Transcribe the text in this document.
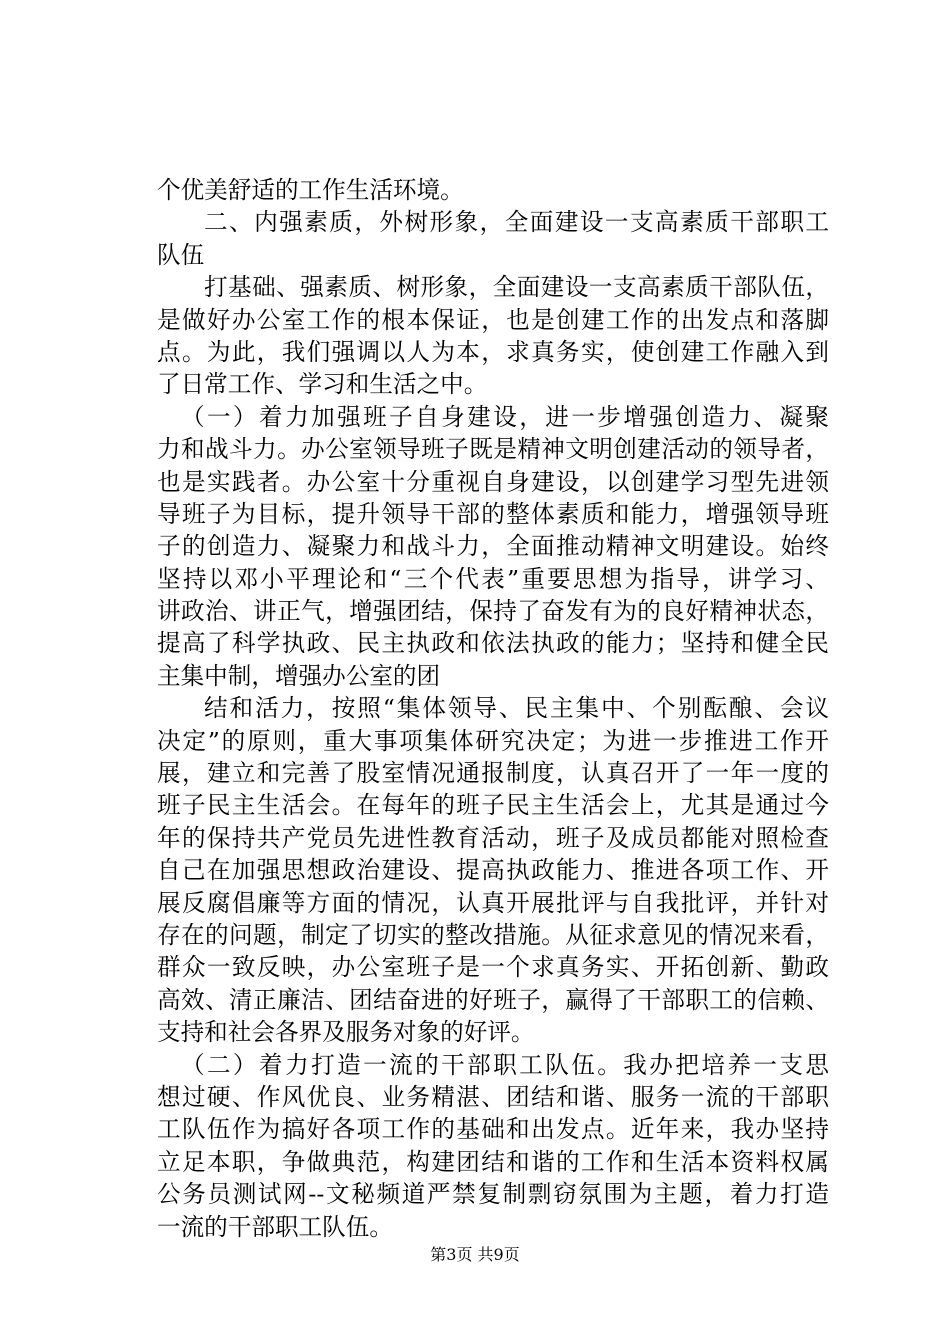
个优美舒适的工作生活环境。
二、内强素质，外树形象，全面建设一支高素质干部职工
队伍
打基础、强素质、树形象，全面建设一支高素质干部队伍，
是做好办公室工作的根本保证，也是创建工作的出发点和落脚
点。为此，我们强调以人为本，求真务实，使创建工作融入到
了日常工作、学习和生活之中。
（一）着力加强班子自身建设，进一步增强创造力、凝聚
力和战斗力。办公室领导班子既是精神文明创建活动的领导者，
也是实践者。办公室十分重视自身建设，以创建学习型先进领
导班子为目标，提升领导干部的整体素质和能力，增强领导班
子的创造力、凝聚力和战斗力，全面推动精神文明建设。始终
坚持以邓小平理论和“三个代表”重要思想为指导，讲学习、
讲政治、讲正气，增强团结，保持了奋发有为的良好精神状态，
提高了科学执政、民主执政和依法执政的能力；坚持和健全民
主集中制，增强办公室的团
结和活力，按照“集体领导、民主集中、个别酝酿、会议
决定”的原则，重大事项集体研究决定；为进一步推进工作开
展，建立和完善了股室情况通报制度，认真召开了一年一度的
班子民主生活会。在每年的班子民主生活会上，尤其是通过今
年的保持共产党员先进性教育活动，班子及成员都能对照检查
自己在加强思想政治建设、提高执政能力、推进各项工作、开
展反腐倡廉等方面的情况，认真开展批评与自我批评，并针对
存在的问题，制定了切实的整改措施。从征求意见的情况来看，
群众一致反映，办公室班子是一个求真务实、开拓创新、勤政
高效、清正廉洁、团结奋进的好班子，赢得了干部职工的信赖、
支持和社会各界及服务对象的好评。
（二）着力打造一流的干部职工队伍。我办把培养一支思
想过硬、作风优良、业务精湛、团结和谐、服务一流的干部职
工队伍作为搞好各项工作的基础和出发点。近年来，我办坚持
立足本职，争做典范，构建团结和谐的工作和生活本资料权属
公务员测试网--文秘频道严禁复制剽窃氛围为主题，着力打造
一流的干部职工队伍。
第3页 共9页
